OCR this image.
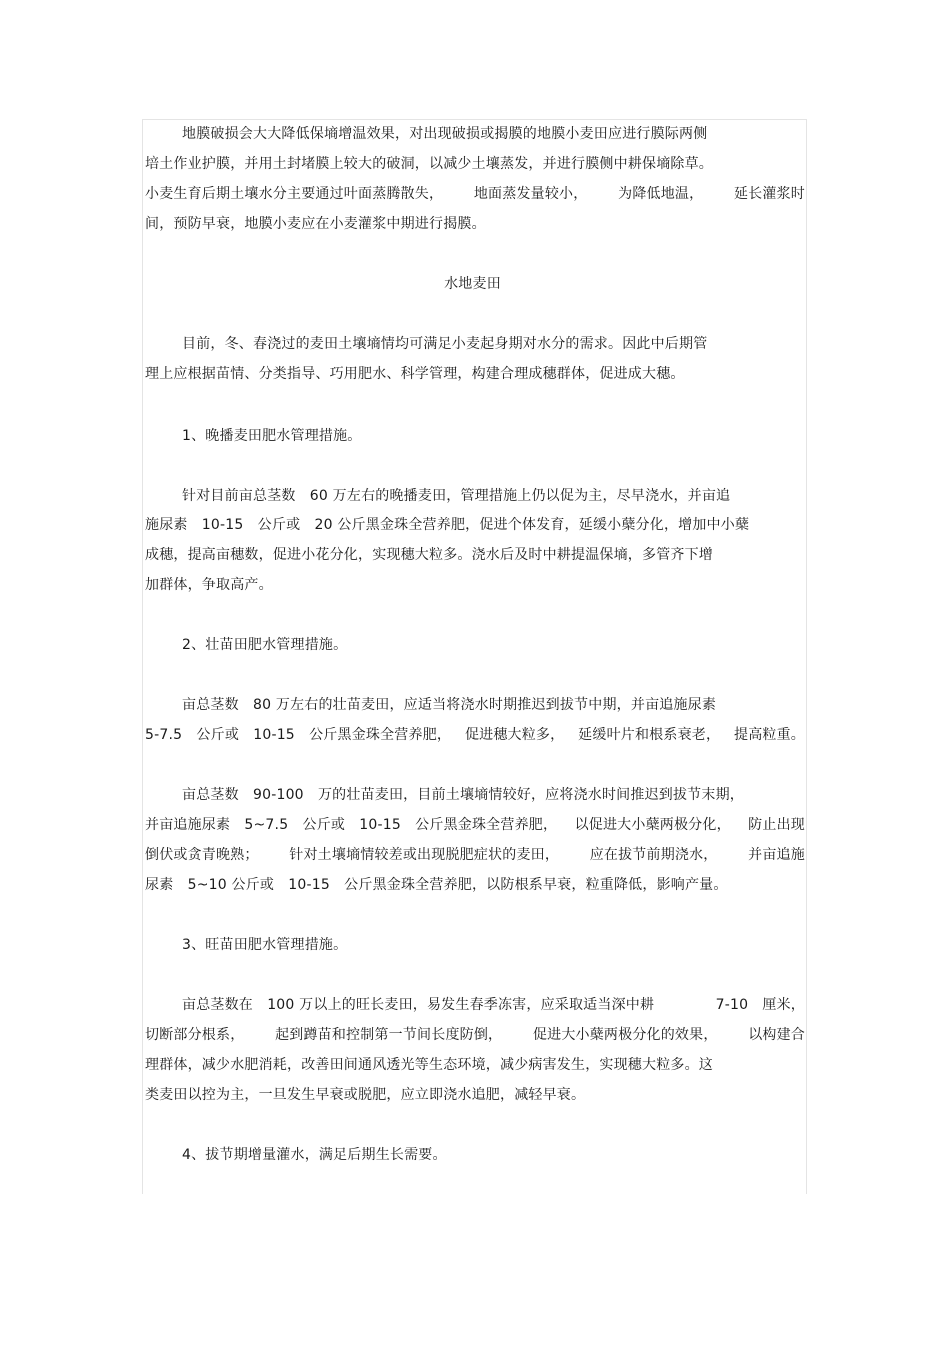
地膜破损会大大降低保墒增温效果，对出现破损或揭膜的地膜小麦田应进行膜际两侧
培土作业护膜，并用土封堵膜上较大的破洞，以减少土壤蒸发，并进行膜侧中耕保墒除草。
小麦生育后期土壤水分主要通过叶面蒸腾散失， 地面蒸发量较小， 为降低地温， 延长灌浆时
间，预防早衰，地膜小麦应在小麦灌浆中期进行揭膜。
水地麦田
目前，冬、春浇过的麦田土壤墒情均可满足小麦起身期对水分的需求。因此中后期管
理上应根据苗情、分类指导、巧用肥水、科学管理，构建合理成穗群体，促进成大穗。
1、晚播麦田肥水管理措施。
针对目前亩总茎数　60 万左右的晚播麦田，管理措施上仍以促为主，尽早浇水，并亩追
施尿素　10-15　公斤或　20 公斤黑金珠全营养肥，促进个体发育，延缓小蘖分化，增加中小蘖
成穗，提高亩穗数，促进小花分化，实现穗大粒多。浇水后及时中耕提温保墒，多管齐下增
加群体，争取高产。
2、壮苗田肥水管理措施。
亩总茎数　80 万左右的壮苗麦田，应适当将浇水时期推迟到拔节中期，并亩追施尿素
5-7.5　公斤或　10-15　公斤黑金珠全营养肥， 促进穗大粒多， 延缓叶片和根系衰老， 提高粒重。
亩总茎数　90-100　万的壮苗麦田，目前土壤墒情较好，应将浇水时间推迟到拔节末期，
并亩追施尿素　5~7.5　公斤或　10-15　公斤黑金珠全营养肥， 以促进大小蘖两极分化， 防止出现
倒伏或贪青晚熟； 针对土壤墒情较差或出现脱肥症状的麦田， 应在拔节前期浇水， 并亩追施
尿素　5~10 公斤或　10-15　公斤黑金珠全营养肥，以防根系早衰，粒重降低，影响产量。
3、旺苗田肥水管理措施。
亩总茎数在　100 万以上的旺长麦田，易发生春季冻害，应采取适当深中耕	7-10　厘米，
切断部分根系， 起到蹲苗和控制第一节间长度防倒， 促进大小蘖两极分化的效果， 以构建合
理群体，减少水肥消耗，改善田间通风透光等生态环境，减少病害发生，实现穗大粒多。这
类麦田以控为主，一旦发生早衰或脱肥，应立即浇水追肥，减轻早衰。
4、拔节期增量灌水，满足后期生长需要。
